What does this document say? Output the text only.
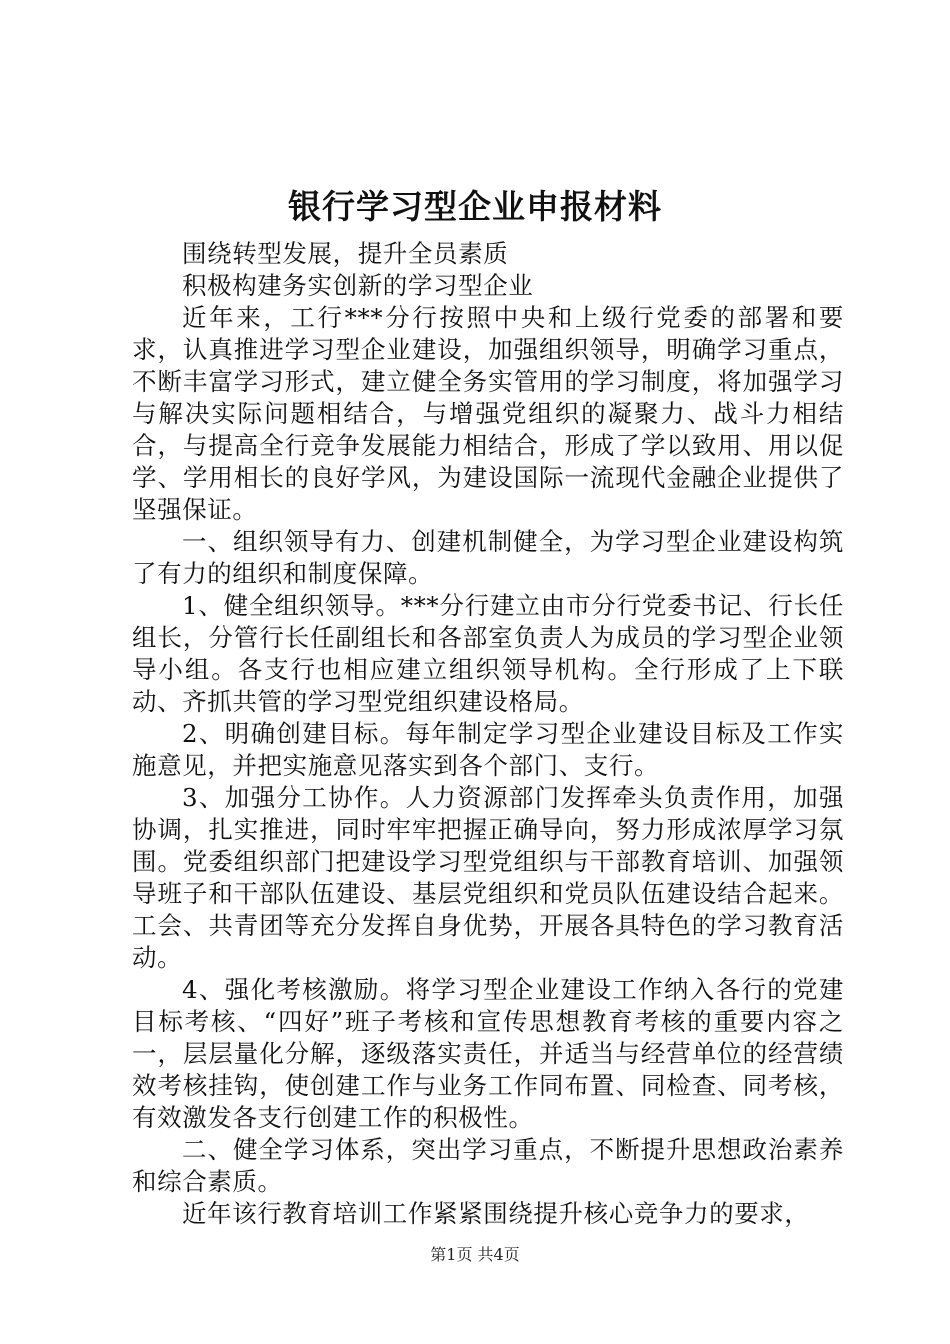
银行学习型企业申报材料

围绕转型发展，提升全员素质

积极构建务实创新的学习型企业

近年来，工行***分行按照中央和上级行党委的部署和要求，认真推进学习型企业建设，加强组织领导，明确学习重点，不断丰富学习形式，建立健全务实管用的学习制度，将加强学习与解决实际问题相结合，与增强党组织的凝聚力、战斗力相结合，与提高全行竞争发展能力相结合，形成了学以致用、用以促学、学用相长的良好学风，为建设国际一流现代金融企业提供了坚强保证。

一、组织领导有力、创建机制健全，为学习型企业建设构筑了有力的组织和制度保障。

1、健全组织领导。***分行建立由市分行党委书记、行长任组长，分管行长任副组长和各部室负责人为成员的学习型企业领导小组。各支行也相应建立组织领导机构。全行形成了上下联动、齐抓共管的学习型党组织建设格局。

2、明确创建目标。每年制定学习型企业建设目标及工作实施意见，并把实施意见落实到各个部门、支行。

3、加强分工协作。人力资源部门发挥牵头负责作用，加强协调，扎实推进，同时牢牢把握正确导向，努力形成浓厚学习氛围。党委组织部门把建设学习型党组织与干部教育培训、加强领导班子和干部队伍建设、基层党组织和党员队伍建设结合起来。工会、共青团等充分发挥自身优势，开展各具特色的学习教育活动。

4、强化考核激励。将学习型企业建设工作纳入各行的党建目标考核、“四好”班子考核和宣传思想教育考核的重要内容之一，层层量化分解，逐级落实责任，并适当与经营单位的经营绩效考核挂钩，使创建工作与业务工作同布置、同检查、同考核，有效激发各支行创建工作的积极性。

二、健全学习体系，突出学习重点，不断提升思想政治素养和综合素质。

近年该行教育培训工作紧紧围绕提升核心竞争力的要求，

第1页 共4页
